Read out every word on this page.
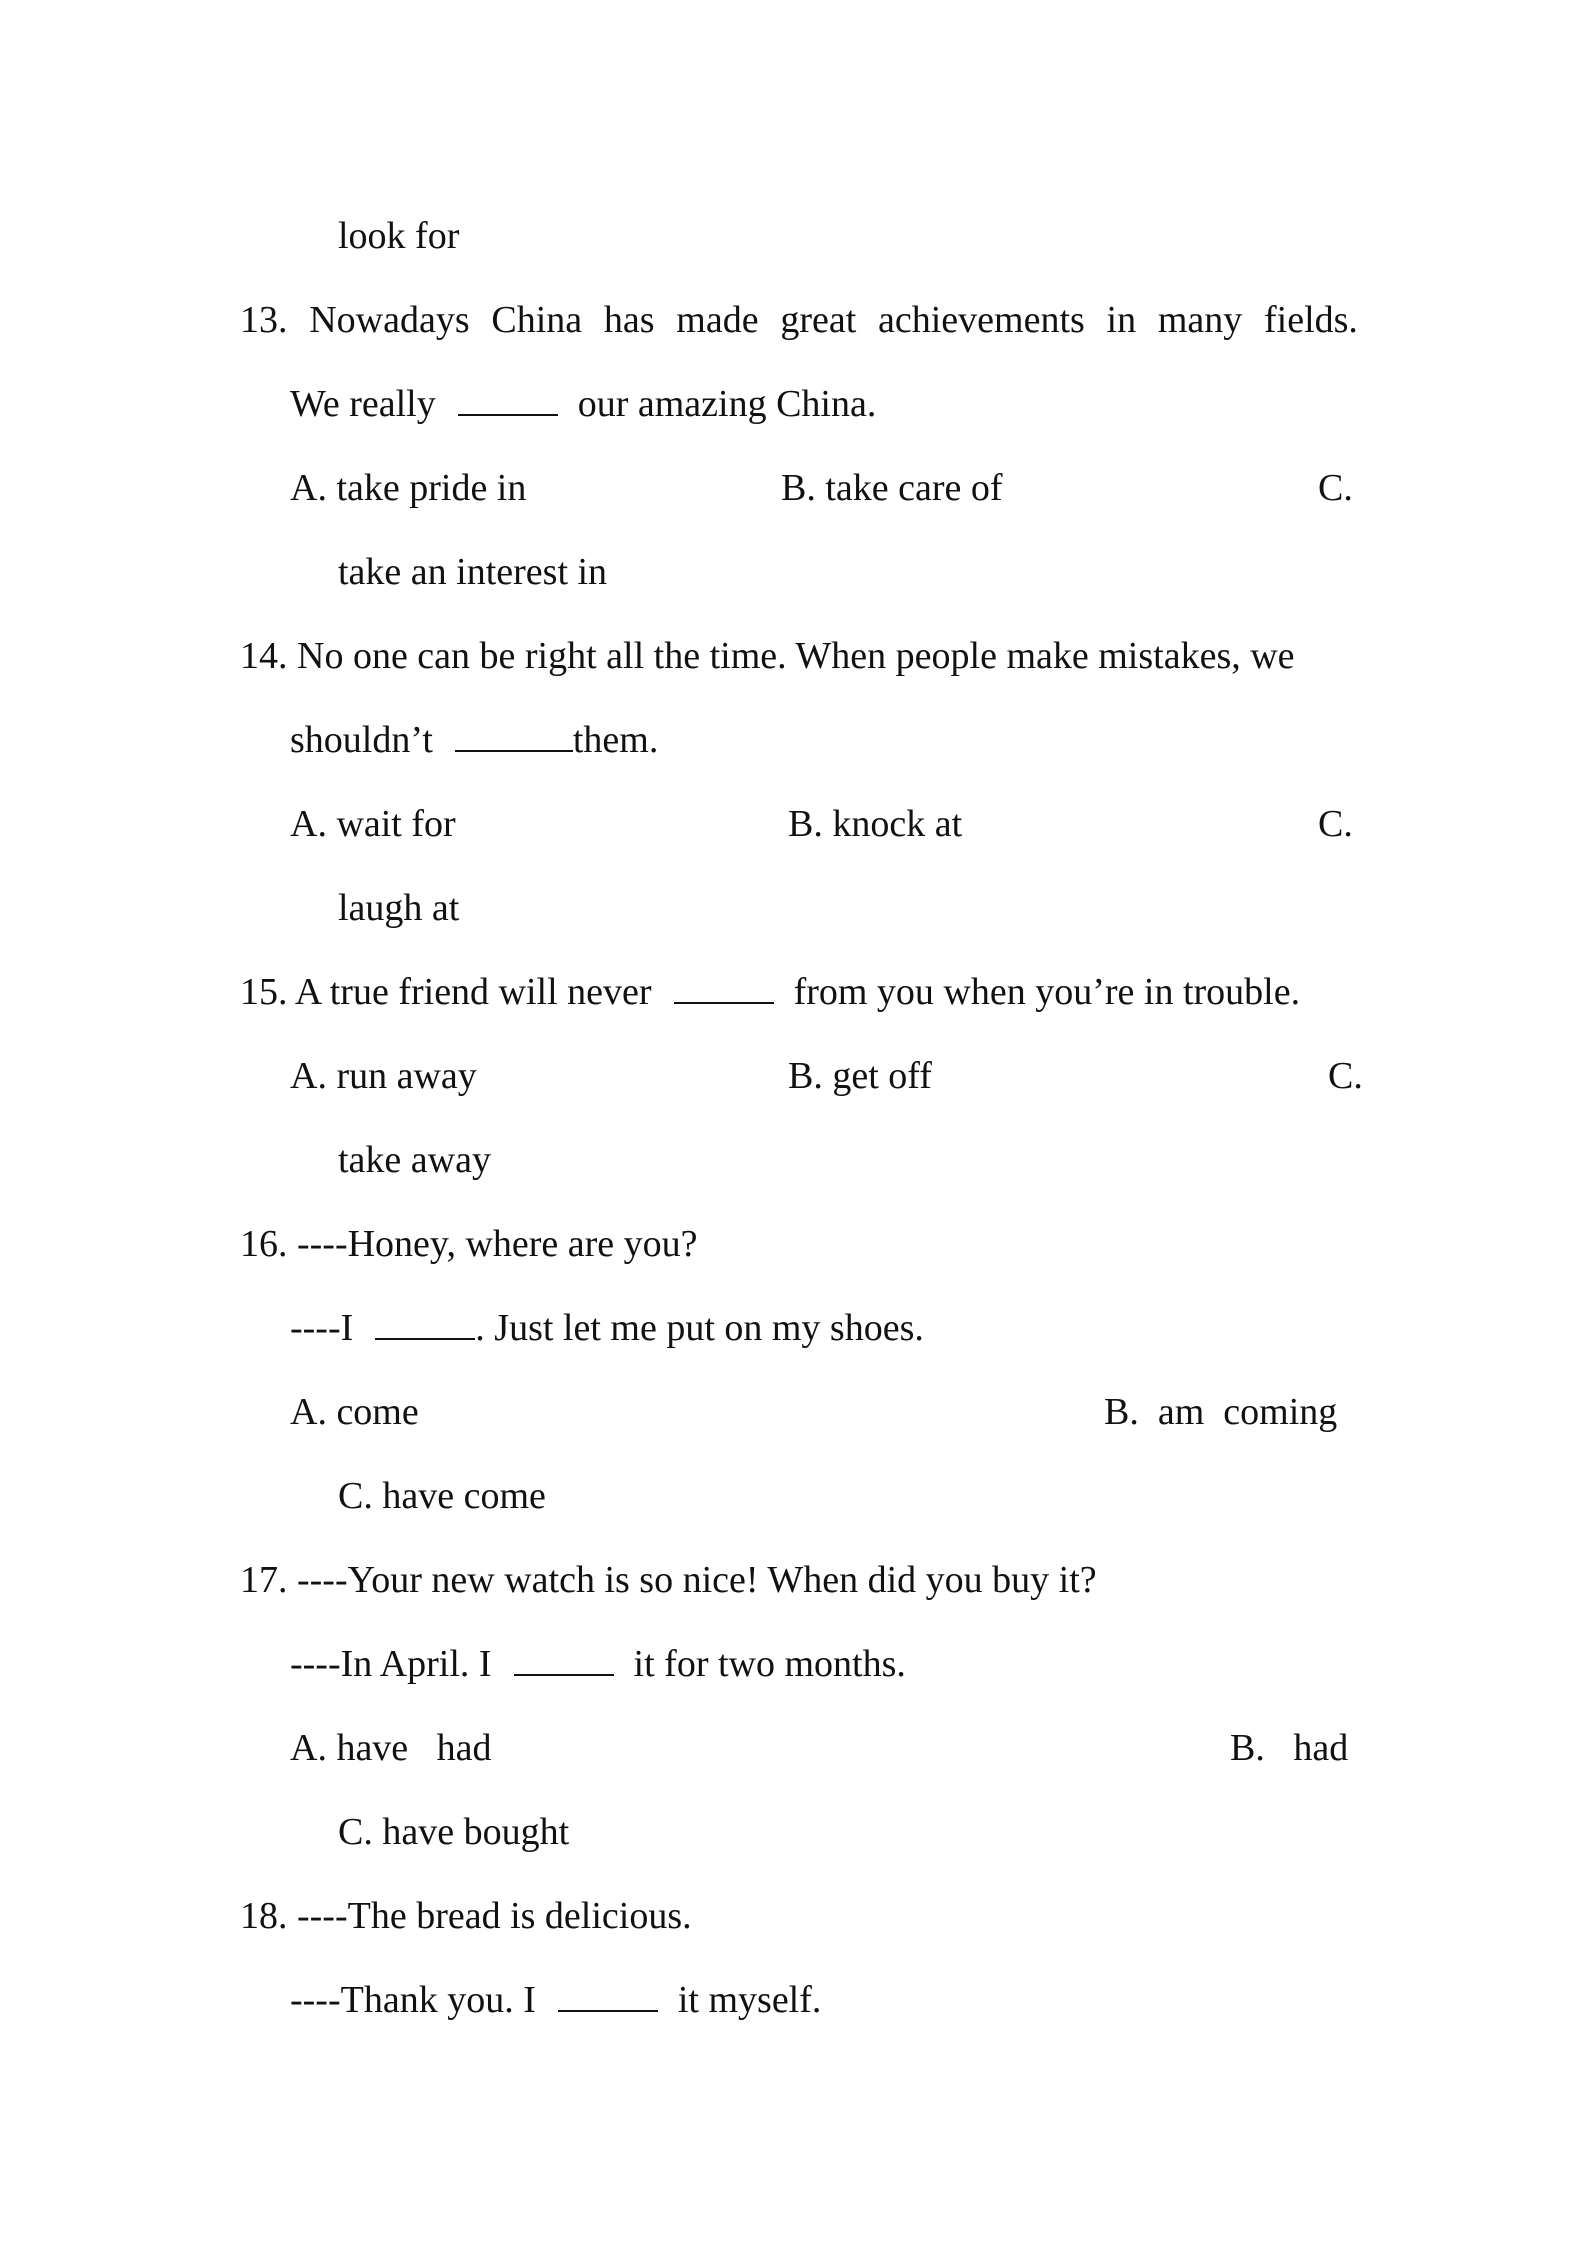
look for
13. Nowadays China has made great achievements in many fields.
We really	our amazing China.
A. take pride in	B. take care of	C.
take an interest in
14. No one can be right all the time. When people make mistakes, we
shouldn’t	them.
A. wait for	B. knock at	C.
laugh at
15. A true friend will never	from you when you’re in trouble.
A. run away	B. get off	C.
take away
16. ----Honey, where are you?
----I	. Just let me put on my shoes.
A. come	B.  am  coming
C. have come
17. ----Your new watch is so nice! When did you buy it?
----In April. I	it for two months.
A. have   had	B.   had
C. have bought
18. ----The bread is delicious.
----Thank you. I	it myself.
